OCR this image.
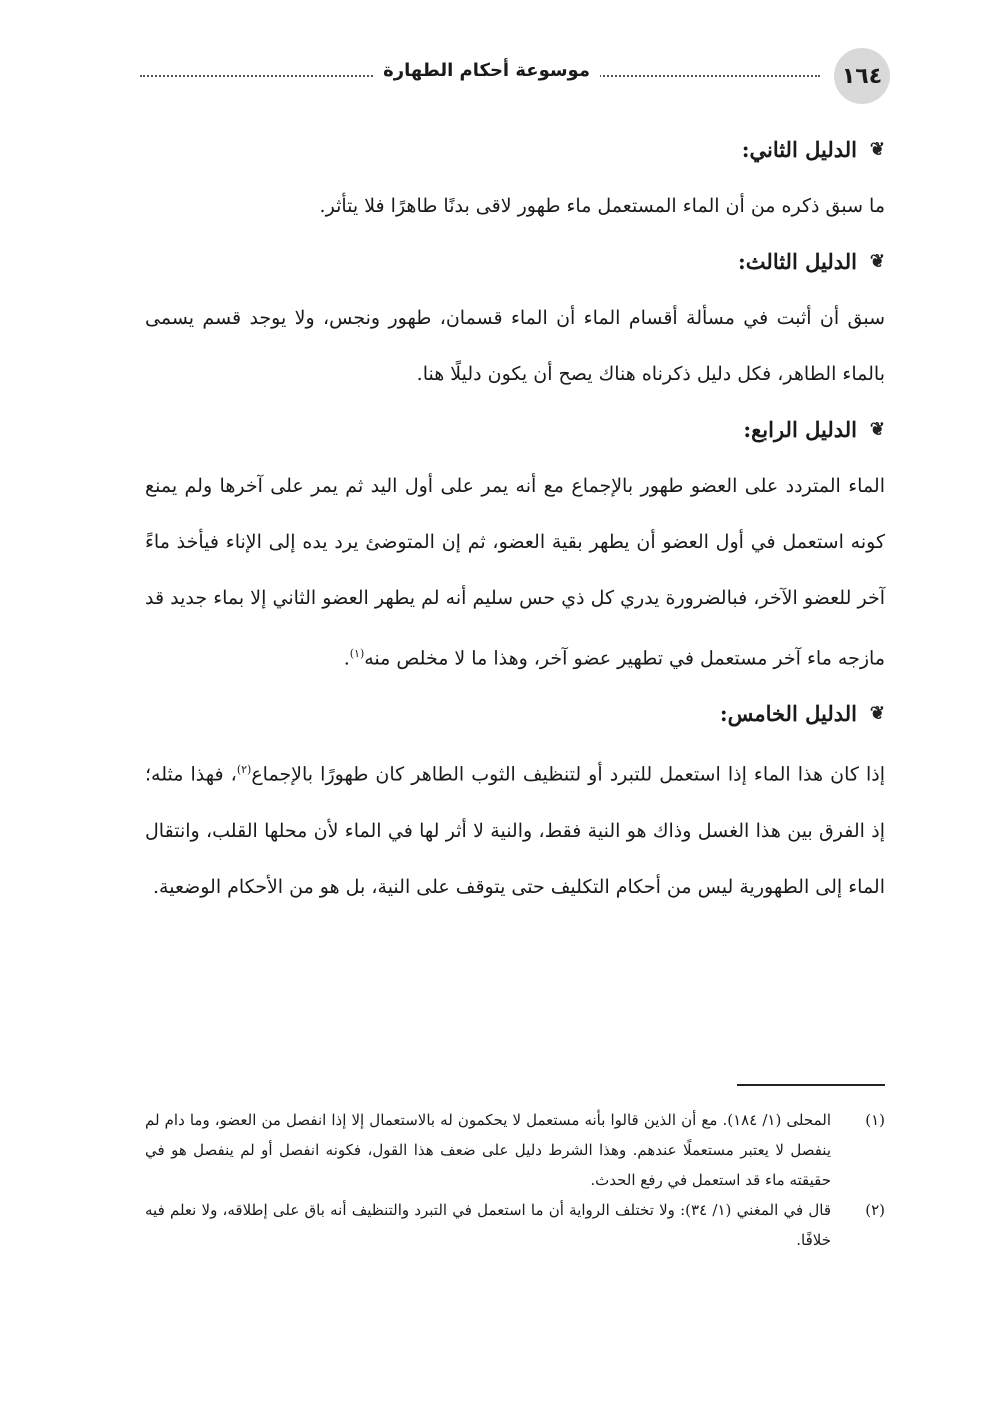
موسوعة أحكام الطهارة	١٦٤

❦
الدليل الثاني:

ما سبق ذكره من أن الماء المستعمل ماء طهور لاقى بدنًا طاهرًا فلا يتأثر.

❦
الدليل الثالث:

سبق أن أثبت في مسألة أقسام الماء أن الماء قسمان، طهور ونجس، ولا يوجد قسم يسمى بالماء الطاهر، فكل دليل ذكرناه هناك يصح أن يكون دليلًا هنا.

❦
الدليل الرابع:

الماء المتردد على العضو طهور بالإجماع مع أنه يمر على أول اليد ثم يمر على آخرها ولم يمنع كونه استعمل في أول العضو أن يطهر بقية العضو، ثم إن المتوضئ يرد يده إلى الإناء فيأخذ ماءً آخر للعضو الآخر، فبالضرورة يدري كل ذي حس سليم أنه لم يطهر العضو الثاني إلا بماء جديد قد مازجه ماء آخر مستعمل في تطهير عضو آخر، وهذا ما لا مخلص منه$^{(١)}$.

❦
الدليل الخامس:

إذا كان هذا الماء إذا استعمل للتبرد أو لتنظيف الثوب الطاهر كان طهورًا بالإجماع$^{(٢)}$، فهذا مثله؛ إذ الفرق بين هذا الغسل وذاك هو النية فقط، والنية لا أثر لها في الماء لأن محلها القلب، وانتقال الماء إلى الطهورية ليس من أحكام التكليف حتى يتوقف على النية، بل هو من الأحكام الوضعية.

(١)
المحلى (١/ ١٨٤). مع أن الذين قالوا بأنه مستعمل لا يحكمون له بالاستعمال إلا إذا انفصل من العضو، وما دام لم ينفصل لا يعتبر مستعملًا عندهم. وهذا الشرط دليل على ضعف هذا القول، فكونه انفصل أو لم ينفصل هو في حقيقته ماء قد استعمل في رفع الحدث.

(٢)
قال في المغني (١/ ٣٤): ولا تختلف الرواية أن ما استعمل في التبرد والتنظيف أنه باق على إطلاقه، ولا نعلم فيه خلافًا.
